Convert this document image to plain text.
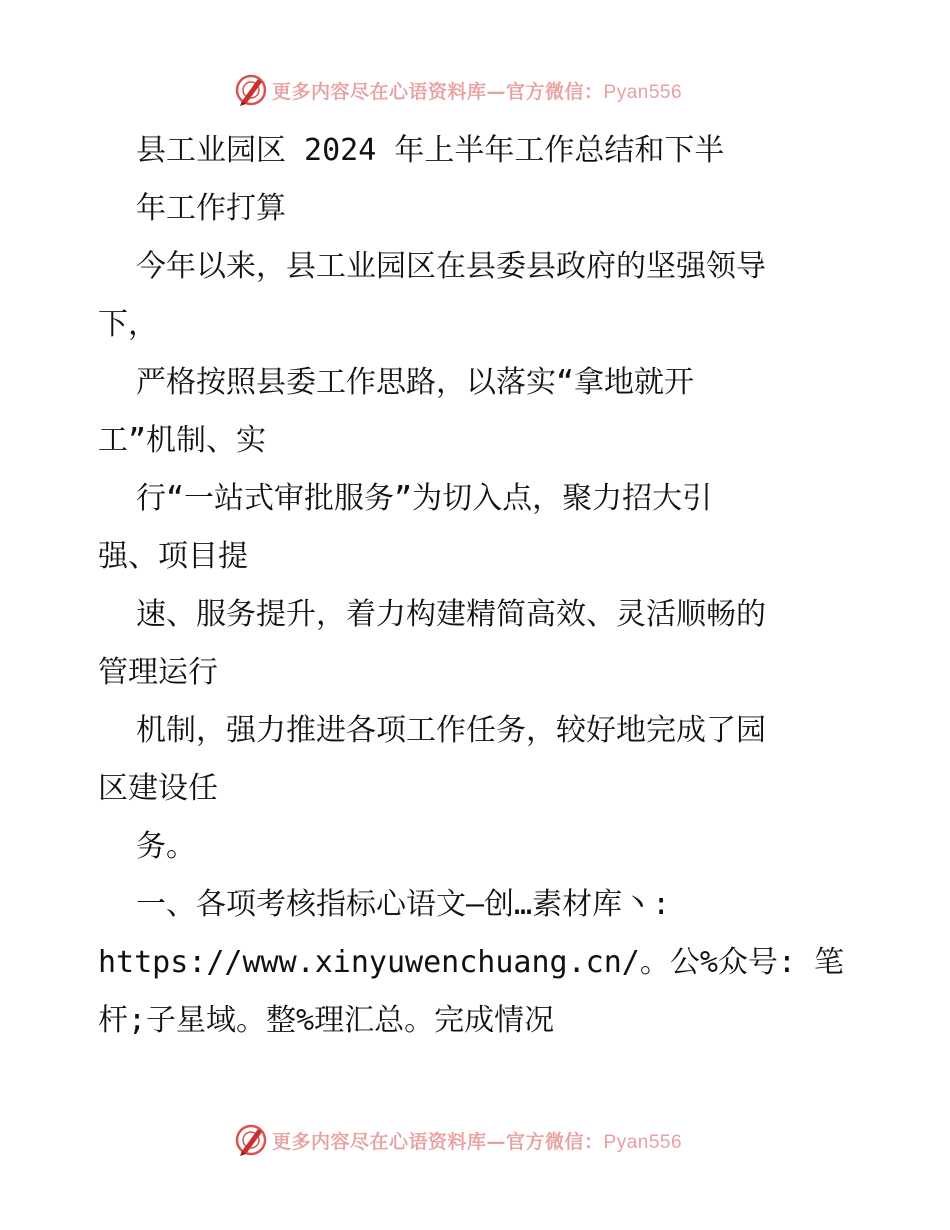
更多内容尽在心语资料库—官方微信：Pyan556
县工业园区 2024 年上半年工作总结和下半
年工作打算
今年以来，县工业园区在县委县政府的坚强领导
下，
严格按照县委工作思路，以落实“拿地就开
工”机制、实
行“一站式审批服务”为切入点，聚力招大引
强、项目提
速、服务提升，着力构建精简高效、灵活顺畅的
管理运行
机制，强力推进各项工作任务，较好地完成了园
区建设任
务。
一、各项考核指标心语文—创…素材库丶:
https://www.xinyuwenchuang.cn/。公%众号: 笔
杆;子星域。整%理汇总。完成情况
更多内容尽在心语资料库—官方微信：Pyan556
